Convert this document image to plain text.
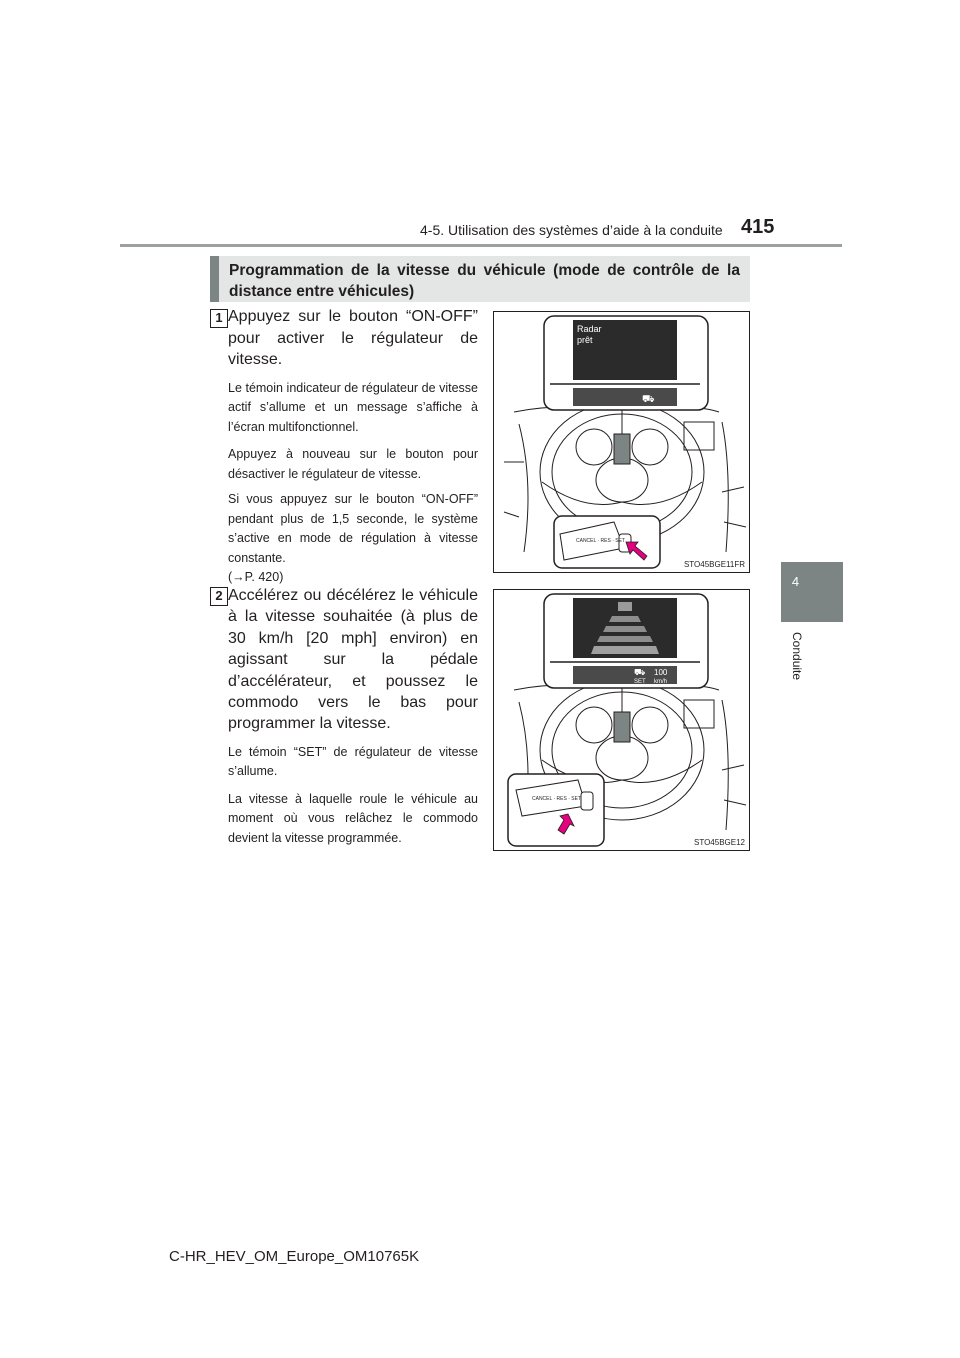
4-5. Utilisation des systèmes d’aide à la conduite 415
4
Conduite

Programmation de la vitesse du véhicule (mode de contrôle de la distance entre véhicules)

1 Appuyez sur le bouton “ON-OFF” pour activer le régulateur de vitesse.

Le témoin indicateur de régulateur de vitesse actif s’allume et un message s’affiche à l’écran multifonctionnel.

Appuyez à nouveau sur le bouton pour désactiver le régulateur de vitesse.

Si vous appuyez sur le bouton “ON-OFF” pendant plus de 1,5 seconde, le système s’active en mode de régulation à vitesse constante.

(→P. 420)

Radar
prêt
⛟
CANCEL · RES · SET
STO45BGE11FR
2 Accélérez ou décélérez le véhicule à la vitesse souhaitée (à plus de 30 km/h [20 mph] environ) en agissant sur la pédale d’accélérateur, et poussez le commodo vers le bas pour programmer la vitesse.

Le témoin “SET” de régulateur de vitesse s’allume.

La vitesse à laquelle roule le véhicule au moment où vous relâchez le commodo devient la vitesse programmée.

⛟ 100
SET km/h
CANCEL · RES · SET
STO45BGE12
C-HR_HEV_OM_Europe_OM10765K
